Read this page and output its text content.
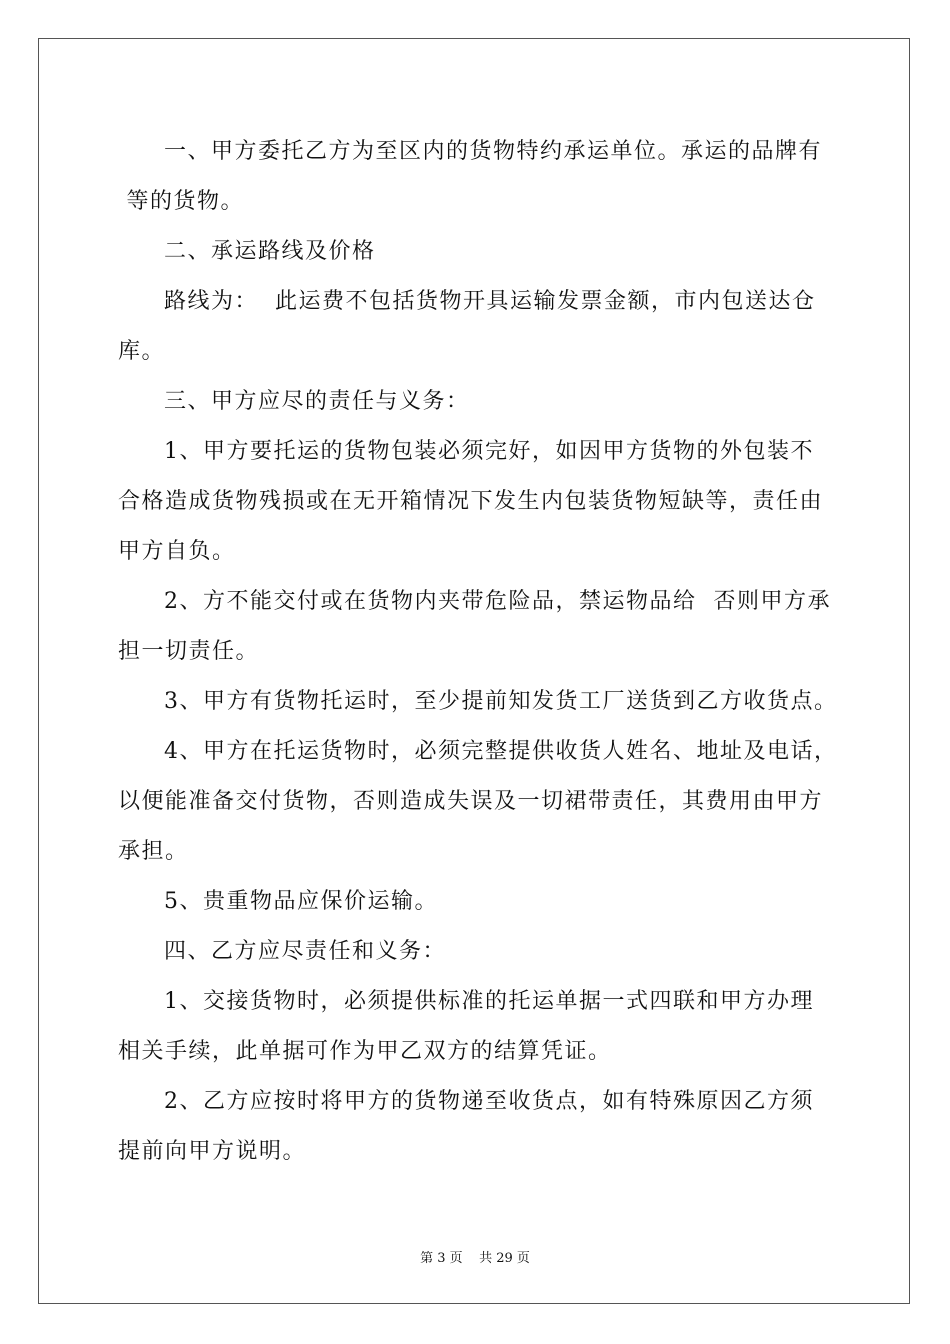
一、甲方委托乙方为至区内的货物特约承运单位。承运的品牌有
等的货物。
二、承运路线及价格
路线为：  此运费不包括货物开具运输发票金额，市内包送达仓
库。
三、甲方应尽的责任与义务：
1、甲方要托运的货物包装必须完好，如因甲方货物的外包装不
合格造成货物残损或在无开箱情况下发生内包装货物短缺等，责任由
甲方自负。
2、方不能交付或在货物内夹带危险品，禁运物品给  否则甲方承
担一切责任。
3、甲方有货物托运时，至少提前知发货工厂送货到乙方收货点。
4、甲方在托运货物时，必须完整提供收货人姓名、地址及电话，
以便能准备交付货物，否则造成失误及一切裙带责任，其费用由甲方
承担。
5、贵重物品应保价运输。
四、乙方应尽责任和义务：
1、交接货物时，必须提供标准的托运单据一式四联和甲方办理
相关手续，此单据可作为甲乙双方的结算凭证。
2、乙方应按时将甲方的货物递至收货点，如有特殊原因乙方须
提前向甲方说明。
第 3 页    共 29 页
